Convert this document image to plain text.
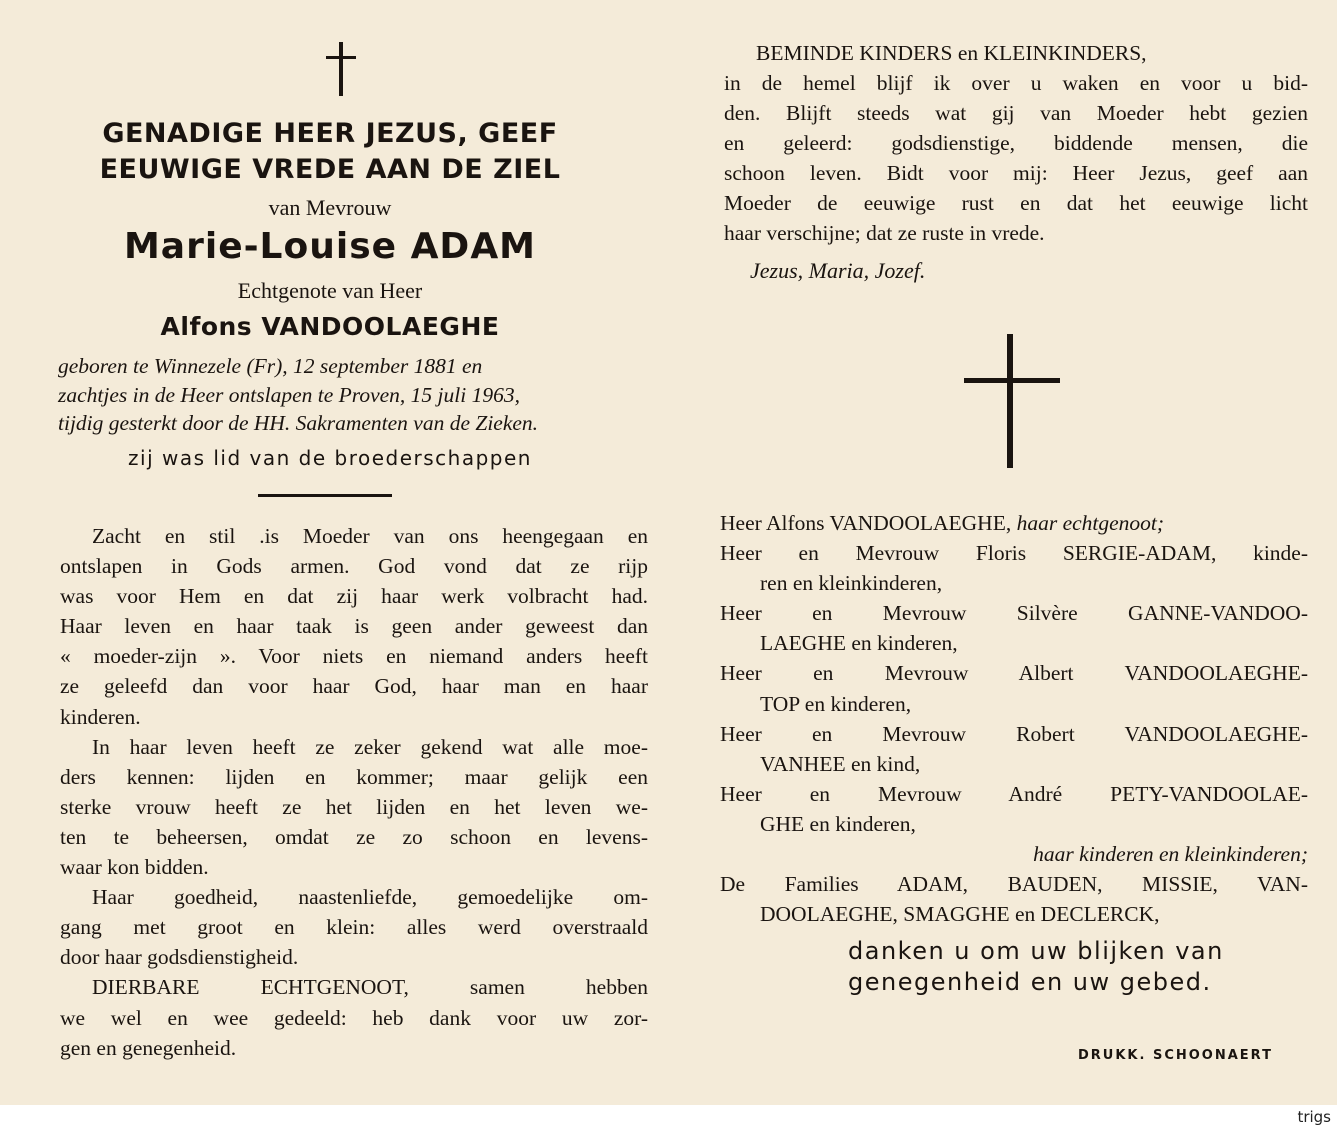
GENADIGE HEER JEZUS, GEEF
EEUWIGE VREDE AAN DE ZIEL
van Mevrouw
Marie-Louise ADAM
Echtgenote van Heer
Alfons VANDOOLAEGHE
geboren te Winnezele (Fr), 12 september 1881 en
zachtjes in de Heer ontslapen te Proven, 15 juli 1963,
tijdig gesterkt door de HH. Sakramenten van de Zieken.
zij was lid van de broederschappen
Zacht en stil .is Moeder van ons heengegaan en
ontslapen in Gods armen. God vond dat ze rijp
was voor Hem en dat zij haar werk volbracht had.
Haar leven en haar taak is geen ander geweest dan
« moeder-zijn ». Voor niets en niemand anders heeft
ze geleefd dan voor haar God, haar man en haar
kinderen.
In haar leven heeft ze zeker gekend wat alle moe-
ders kennen: lijden en kommer; maar gelijk een
sterke vrouw heeft ze het lijden en het leven we-
ten te beheersen, omdat ze zo schoon en levens-
waar kon bidden.
Haar goedheid, naastenliefde, gemoedelijke om-
gang met groot en klein: alles werd overstraald
door haar godsdienstigheid.
DIERBARE ECHTGENOOT, samen hebben
we wel en wee gedeeld: heb dank voor uw zor-
gen en genegenheid.
BEMINDE KINDERS en KLEINKINDERS,
in de hemel blijf ik over u waken en voor u bid-
den. Blijft steeds wat gij van Moeder hebt gezien
en geleerd: godsdienstige, biddende mensen, die
schoon leven. Bidt voor mij: Heer Jezus, geef aan
Moeder de eeuwige rust en dat het eeuwige licht
haar verschijne; dat ze ruste in vrede.
Jezus, Maria, Jozef.
Heer Alfons VANDOOLAEGHE, haar echtgenoot;
Heer en Mevrouw Floris SERGIE-ADAM, kinde-
ren en kleinkinderen,
Heer en Mevrouw Silvère GANNE-VANDOO-
LAEGHE en kinderen,
Heer en Mevrouw Albert VANDOOLAEGHE-
TOP en kinderen,
Heer en Mevrouw Robert VANDOOLAEGHE-
VANHEE en kind,
Heer en Mevrouw André PETY-VANDOOLAE-
GHE en kinderen,
haar kinderen en kleinkinderen;
De Families ADAM, BAUDEN, MISSIE, VAN-
DOOLAEGHE, SMAGGHE en DECLERCK,
danken u om uw blijken van
genegenheid en uw gebed.
DRUKK. SCHOONAERT
trigs
